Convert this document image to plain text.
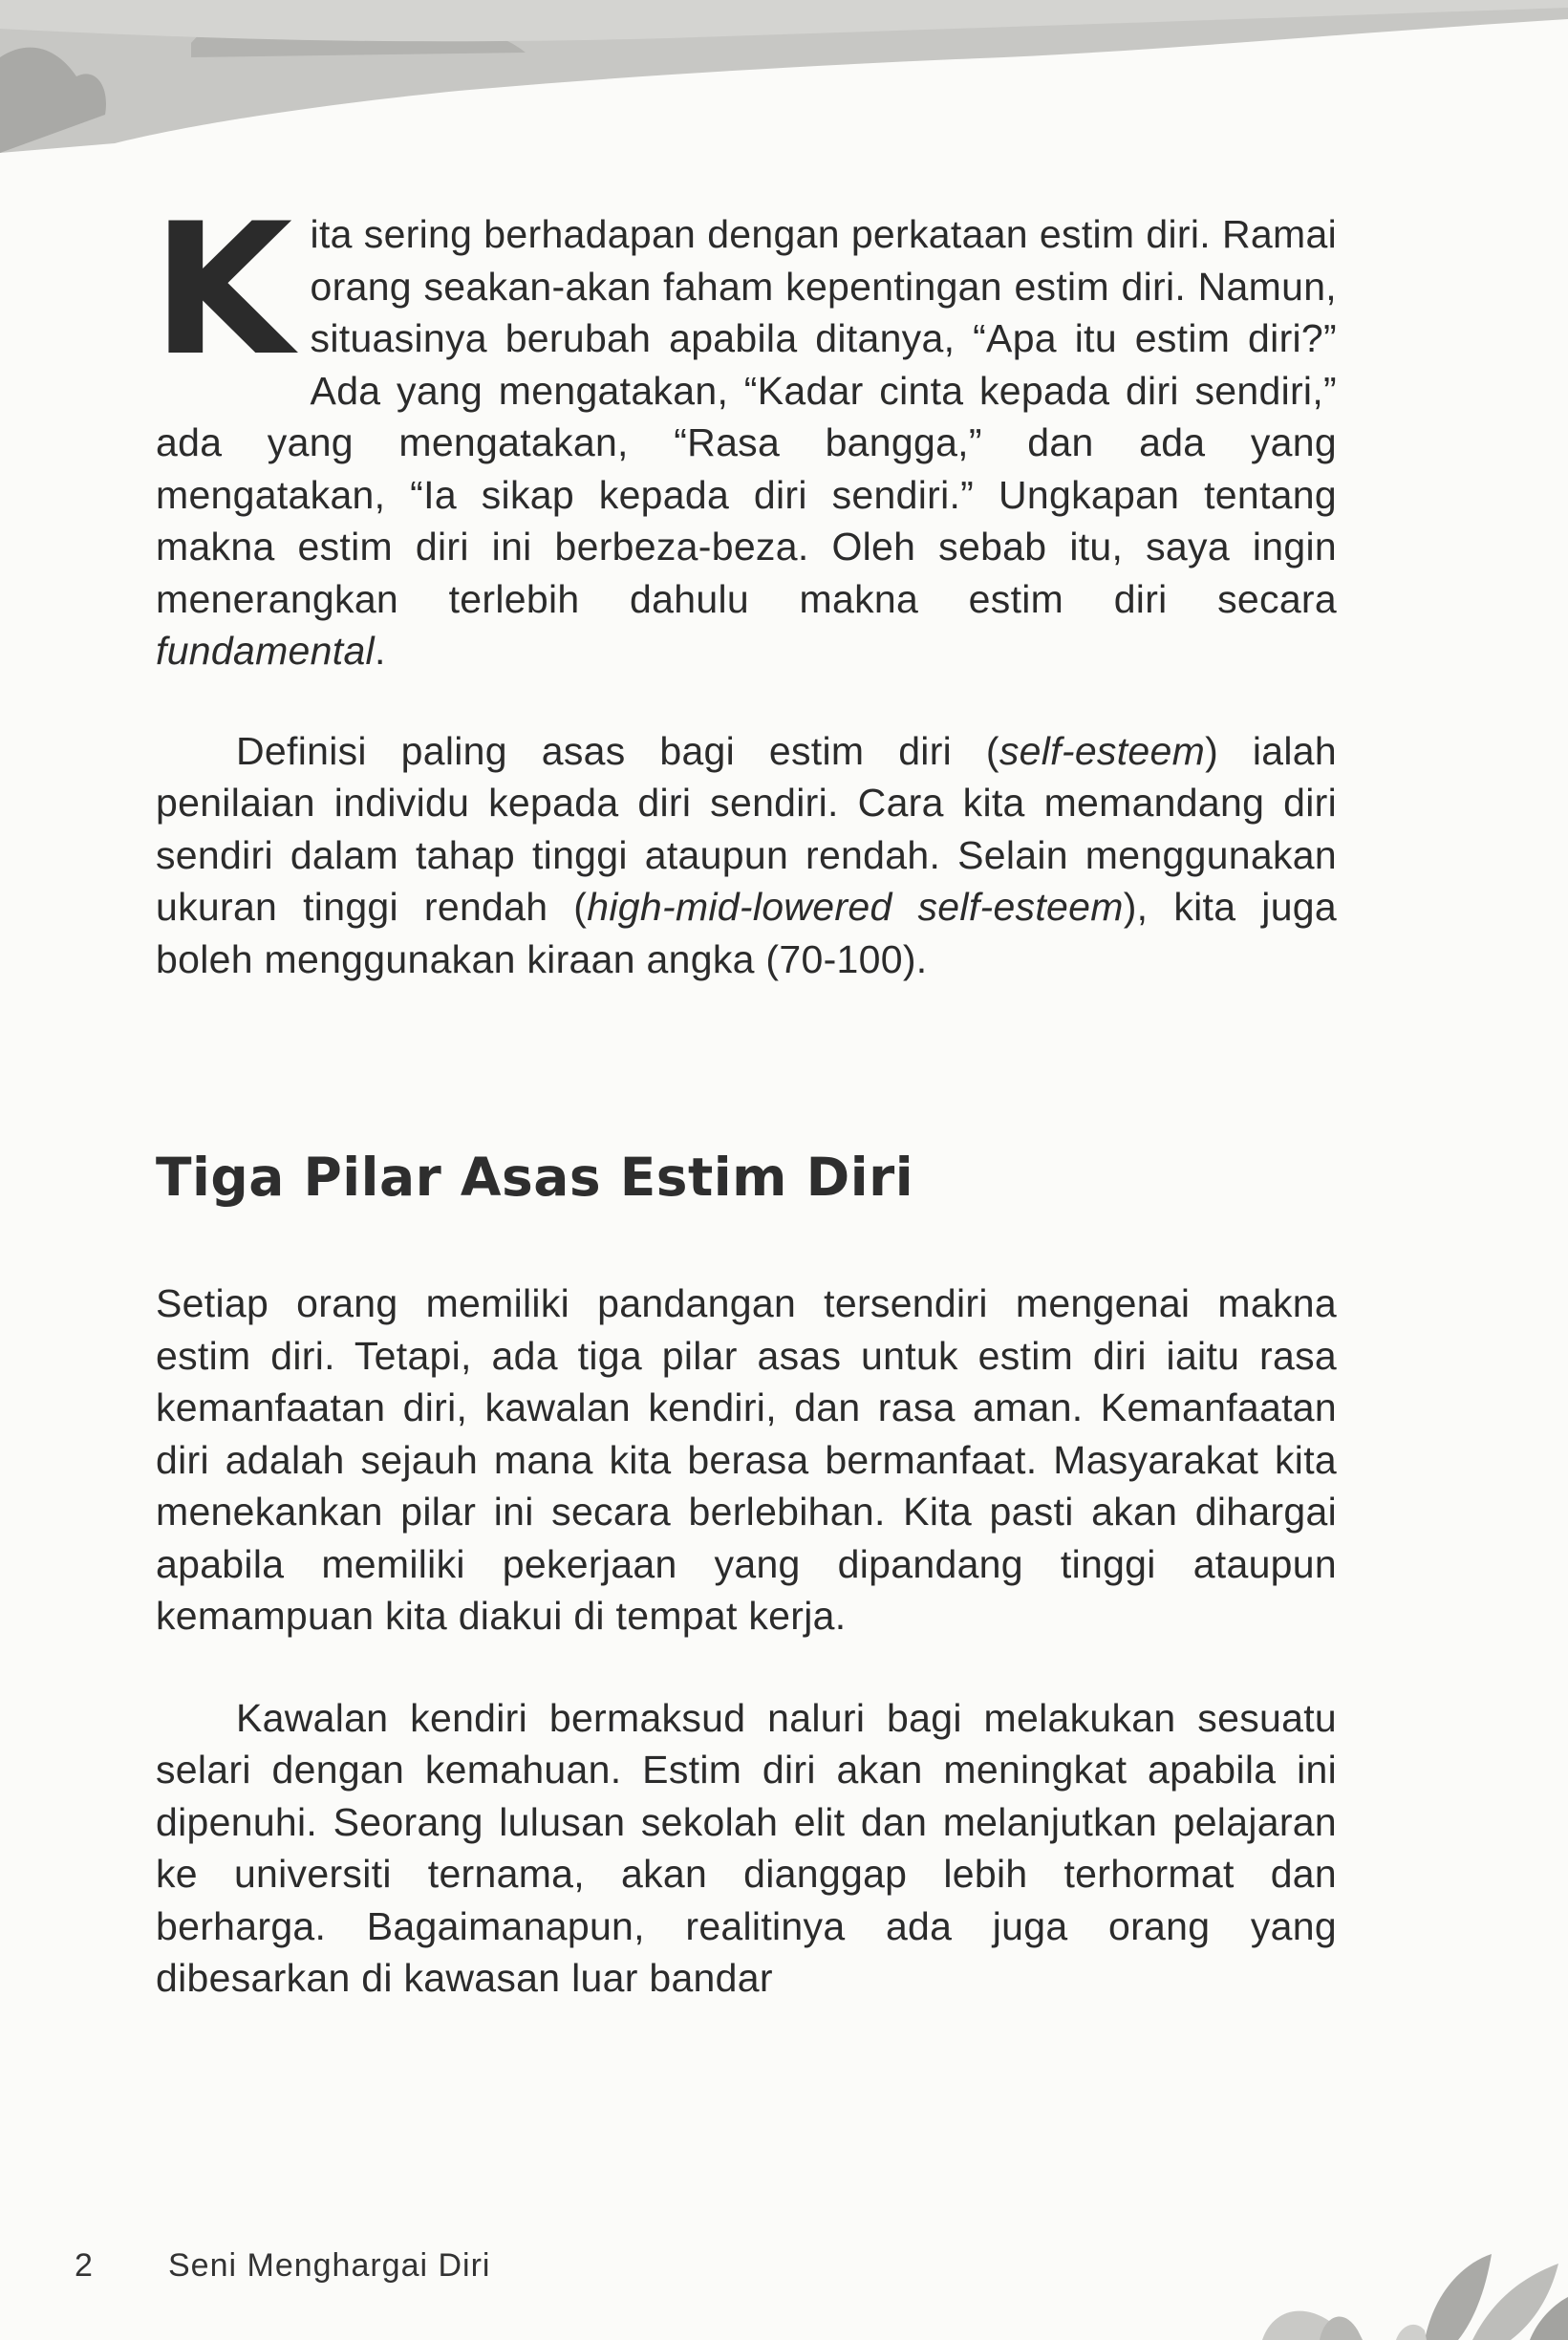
Kita sering berhadapan dengan perkataan estim diri. Ramai orang seakan-akan faham kepentingan estim diri. Namun, situasinya berubah apabila ditanya, “Apa itu estim diri?” Ada yang mengatakan, “Kadar cinta kepada diri sendiri,” ada yang mengatakan, “Rasa bangga,” dan ada yang mengatakan, “Ia sikap kepada diri sendiri.” Ungkapan tentang makna estim diri ini berbeza-beza. Oleh sebab itu, saya ingin menerangkan terlebih dahulu makna estim diri secara fundamental.

Definisi paling asas bagi estim diri (self-esteem) ialah penilaian individu kepada diri sendiri. Cara kita memandang diri sendiri dalam tahap tinggi ataupun rendah. Selain menggunakan ukuran tinggi rendah (high-mid-lowered self-esteem), kita juga boleh menggunakan kiraan angka (70-100).

Tiga Pilar Asas Estim Diri

Setiap orang memiliki pandangan tersendiri mengenai makna estim diri. Tetapi, ada tiga pilar asas untuk estim diri iaitu rasa kemanfaatan diri, kawalan kendiri, dan rasa aman. Kemanfaatan diri adalah sejauh mana kita berasa bermanfaat. Masyarakat kita menekankan pilar ini secara berlebihan. Kita pasti akan dihargai apabila memiliki pekerjaan yang dipandang tinggi ataupun kemampuan kita diakui di tempat kerja.

Kawalan kendiri bermaksud naluri bagi melakukan sesuatu selari dengan kemahuan. Estim diri akan meningkat apabila ini dipenuhi. Seorang lulusan sekolah elit dan melanjutkan pelajaran ke universiti ternama, akan dianggap lebih terhormat dan berharga. Bagaimanapun, realitinya ada juga orang yang dibesarkan di kawasan luar bandar

2 Seni Menghargai Diri
